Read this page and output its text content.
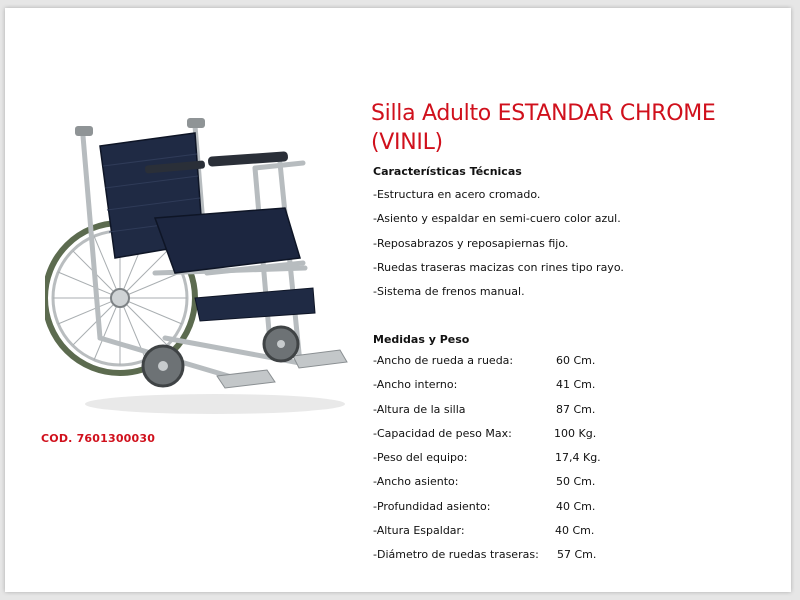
COD. 7601300030
Silla Adulto ESTANDAR CHROME (VINIL)
Características Técnicas
-Estructura en acero cromado.
-Asiento y espaldar en semi-cuero color azul.
-Reposabrazos y reposapiernas fijo.
-Ruedas traseras macizas con rines tipo rayo.
-Sistema de frenos manual.
Medidas y Peso
-Ancho de rueda a rueda:	60 Cm.
-Ancho interno:	41 Cm.
-Altura de la silla	87 Cm.
-Capacidad de peso Max:	100 Kg.
-Peso del equipo:	17,4 Kg.
-Ancho asiento:	50 Cm.
-Profundidad asiento:	40 Cm.
-Altura Espaldar:	40 Cm.
-Diámetro de ruedas traseras: 57 Cm.
